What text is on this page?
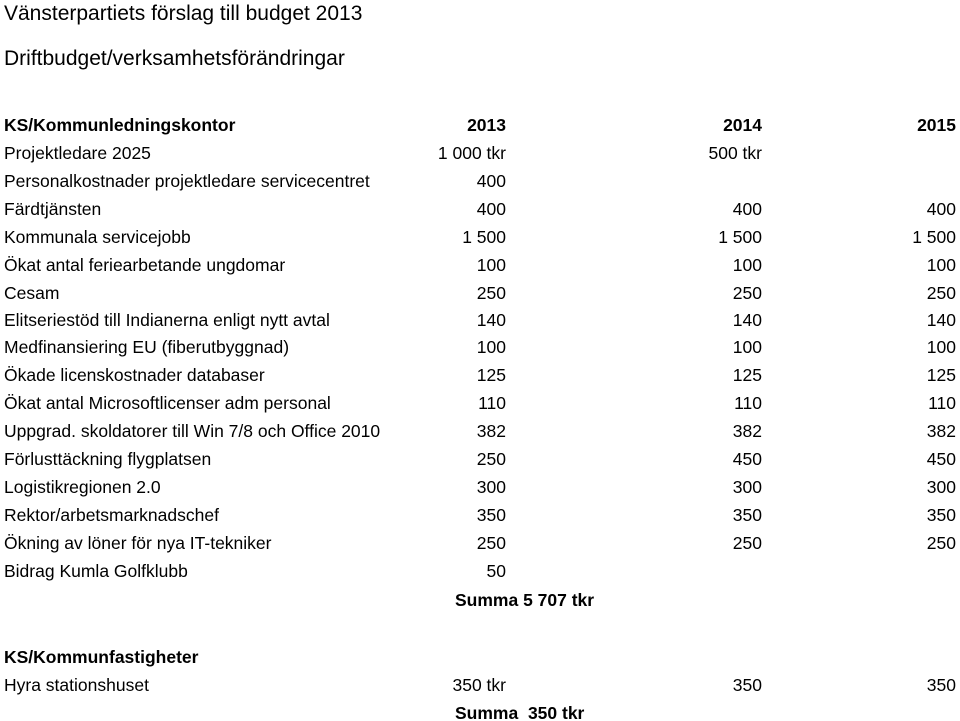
Vänsterpartiets förslag till budget 2013
Driftbudget/verksamhetsförändringar
KS/Kommunledningskontor	2013	2014	2015
Projektledare 2025	1 000 tkr	500 tkr
Personalkostnader projektledare servicecentret	400
Färdtjänsten	400	400	400
Kommunala servicejobb	1 500	1 500	1 500
Ökat antal feriearbetande ungdomar	100	100	100
Cesam	250	250	250
Elitseriestöd till Indianerna enligt nytt avtal	140	140	140
Medfinansiering EU (fiberutbyggnad)	100	100	100
Ökade licenskostnader databaser	125	125	125
Ökat antal Microsoftlicenser adm personal	110	110	110
Uppgrad. skoldatorer till Win 7/8 och Office 2010	382	382	382
Förlusttäckning flygplatsen	250	450	450
Logistikregionen 2.0	300	300	300
Rektor/arbetsmarknadschef	350	350	350
Ökning av löner för nya IT-tekniker	250	250	250
Bidrag Kumla Golfklubb	50
Summa 5 707 tkr
KS/Kommunfastigheter
Hyra stationshuset	350 tkr	350	350
Summa  350 tkr
